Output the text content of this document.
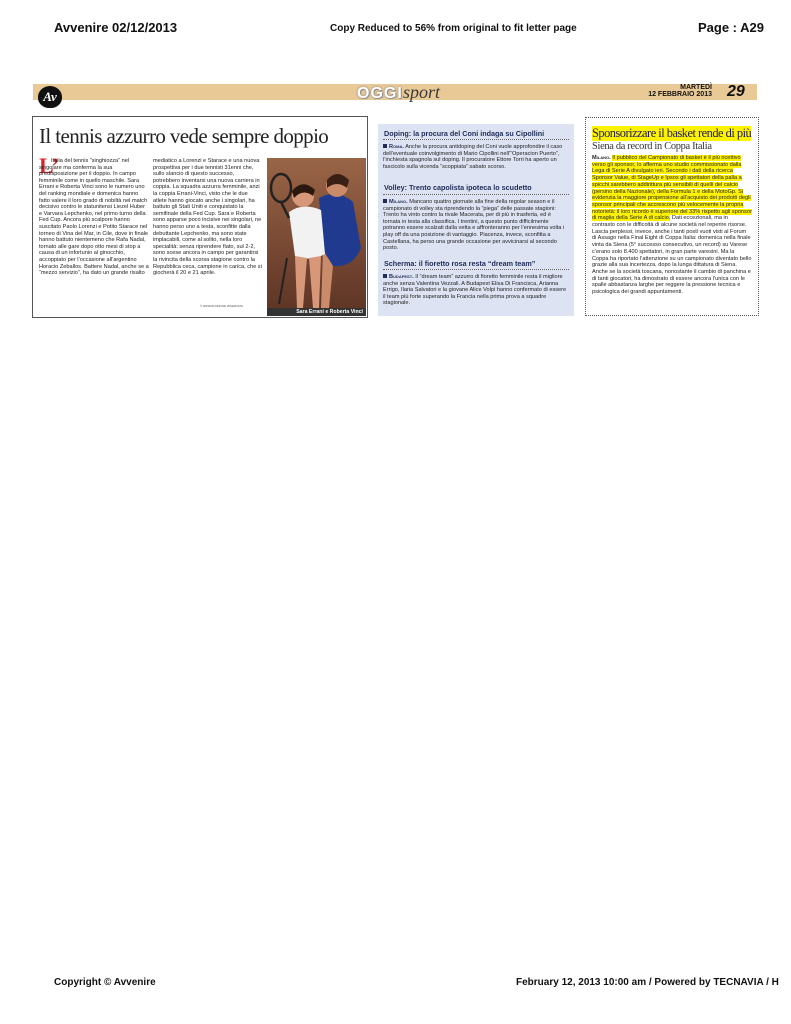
Avvenire 02/12/2013	Copy Reduced to 56% from original to fit letter page	Page : A29
Av	OGGI sport	MARTEDÌ
12 FEBBRAIO 2013 29
Il tennis azzurro vede sempre doppio
L’
Italia del tennis “singhiozza” nel singolare ma conferma la sua predisposizione per il doppio. In campo femminile come in quello maschile. Sara Errani e Roberta Vinci sono le numero uno del ranking mondiale e domenica hanno fatto valere il loro grado di nobiltà nel match decisivo contro le statunitensi Liezel Huber e Varvara Lepchenko, nel primo turno della Fed Cup. Ancora più scalpore hanno suscitato Paolo Lorenzi e Potito Starace nel torneo di Vina del Mar, in Cile, dove in finale hanno battuto nientemeno che Rafa Nadal, tornato alle gare dopo otto mesi di stop a causa di un infortunio al ginocchio, accoppiato per l’occasione all’argentino Horacio Zeballos. Battere Nadal, anche se a “mezzo servizio”, ha dato un grande risalto
mediatico a Lorenzi e Starace e una nuova prospettiva per i due tennisti 31enni che, sullo slancio di questo successo, potrebbero inventarsi una nuova carriera in coppia. La squadra azzurra femminile, anzi la coppia Errani-Vinci, visto che le due atlete hanno giocato anche i singolari, ha battuto gli Stati Uniti e conquistato la semifinale della Fed Cup. Sara e Roberta sono apparse poco incisive nei singolari, ne hanno perso uno a testa, sconfitte dalla debuttante Lepchenko, ma sono state implacabili, come al solito, nella loro specialità: senza riprendere fiato, sul 2-2, sono scese ancora in campo per garantirsi la rivincita della scorsa stagione contro la Repubblica ceca, campione in carica, che si giocherà il 20 e 21 aprile.
© RIPRODUZIONE RISERVATA
Sara Errani e Roberta Vinci
Doping: la procura del Coni indaga su Cipollini
Roma. Anche la procura antidoping del Coni vuole approfondire il caso dell’eventuale coinvolgimento di Mario Cipollini nell’“Operacion Puerto”, l’inchiesta spagnola sul doping. Il procuratore Ettore Torri ha aperto un fascicolo sulla vicenda “scoppiata” sabato scorso.
Volley: Trento capolista ipoteca lo scudetto
Milano. Mancano quattro giornate alla fine della regolar season e il campionato di volley sta riprendendo la “piega” delle passate stagioni: Trento ha vinto contro la rivale Macerata, per di più in trasferta, ed è tornata in testa alla classifica. I trentini, a questo punto difficilmente potranno essere scalzati dalla vetta e affronteranno per l’ennesima volta i play off da una posizione di vantaggio. Piacenza, invece, sconfitta a Castellana, ha perso una grande occasione per avvicinarsi al secondo posto.
Scherma: il fioretto rosa resta “dream team”
Budapest. Il “dream team” azzurro di fioretto femminile resta il migliore anche senza Valentina Vezzali. A Budapest Elisa Di Francisca, Arianna Errigo, Ilaria Salvatori e la giovane Alice Volpi hanno confermato di essere il team più forte superando la Francia nella prima prova a squadre stagionale.
Sponsorizzare il basket rende di più
Siena da record in Coppa Italia
Milano. Il pubblico del Campionato di basket è il più ricettivo verso gli sponsor, lo afferma uno studio commissionato dalla Lega di Serie A divulgato ieri. Secondo i dati della ricerca Sponsor Value, di StageUp e Ipsos gli spettatori della palla a spicchi sarebbero addirittura più sensibili di quelli del calcio (persino della Nazionale), della Formula 1 e della MotoGp. Si evidenzia la maggiore propensione all’acquisto dei prodotti degli sponsor principali che accrescono più velocemente la propria notorietà: il loro ricordo è superiore del 33% rispetto agli sponsor di maglia della Serie A di calcio. Dati eccezionali, ma in contrasto con le difficoltà di alcune società nel reperire risorse. Lascia perplessi, invece, anche i tanti posti vuoti visti al Forum di Assago nella Final Eight di Coppa Italia: domenica nella finale vinta da Siena (5° successo consecutivo, un record) su Varese c’erano solo 8.400 spettatori, in gran parte varesini. Ma la Coppa ha riportato l’attenzione su un campionato diventato bello grazie alla sua incertezza, dopo la lunga dittatura di Siena. Anche se la società toscana, nonostante il cambio di panchina e di tanti giocatori, ha dimostrato di essere ancora l’unica con le spalle abbastanza larghe per reggere la pressione tecnica e psicologica dei grandi appuntamenti.
Copyright © Avvenire	February 12, 2013 10:00 am / Powered by TECNAVIA / H
